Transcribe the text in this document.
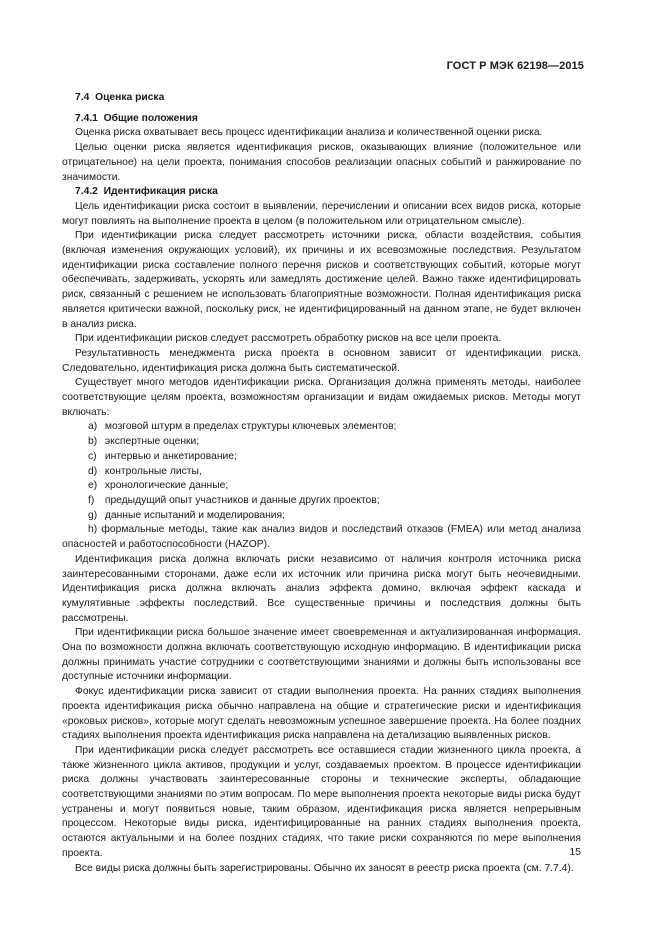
ГОСТ Р МЭК 62198—2015

7.4 Оценка риска

7.4.1 Общие положения

Оценка риска охватывает весь процесс идентификации анализа и количественной оценки риска.

Целью оценки риска является идентификация рисков, оказывающих влияние (положительное или отрицательное) на цели проекта, понимания способов реализации опасных событий и ранжирование по значимости.

7.4.2 Идентификация риска

Цель идентификации риска состоит в выявлении, перечислении и описании всех видов риска, которые могут повлиять на выполнение проекта в целом (в положительном или отрицательном смысле).

При идентификации риска следует рассмотреть источники риска, области воздействия, события (включая изменения окружающих условий), их причины и их всевозможные последствия. Результатом идентификации риска составление полного перечня рисков и соответствующих событий, которые могут обеспечивать, задерживать, ускорять или замедлять достижение целей. Важно также идентифицировать риск, связанный с решением не использовать благоприятные возможности. Полная идентификация риска является критически важной, поскольку риск, не идентифицированный на данном этапе, не будет включен в анализ риска.

При идентификации рисков следует рассмотреть обработку рисков на все цели проекта.

Результативность менеджмента риска проекта в основном зависит от идентификации риска. Следовательно, идентификация риска должна быть систематической.

Существует много методов идентификации риска. Организация должна применять методы, наиболее соответствующие целям проекта, возможностям организации и видам ожидаемых рисков. Методы могут включать:

a) мозговой штурм в пределах структуры ключевых элементов;

b) экспертные оценки;

c) интервью и анкетирование;

d) контрольные листы,

e) хронологические данные;

f) предыдущий опыт участников и данные других проектов;

g) данные испытаний и моделирования;

h) формальные методы, такие как анализ видов и последствий отказов (FMEA) или метод анализа опасностей и работоспособности (HAZOP).

Идентификация риска должна включать риски независимо от наличия контроля источника риска заинтересованными сторонами, даже если их источник или причина риска могут быть неочевидными. Идентификация риска должна включать анализ эффекта домино, включая эффект каскада и кумулятивные эффекты последствий. Все существенные причины и последствия должны быть рассмотрены.

При идентификации риска большое значение имеет своевременная и актуализированная информация. Она по возможности должна включать соответствующую исходную информацию. В идентификации риска должны принимать участие сотрудники с соответствующими знаниями и должны быть использованы все доступные источники информации.

Фокус идентификации риска зависит от стадии выполнения проекта. На ранних стадиях выполнения проекта идентификация риска обычно направлена на общие и стратегические риски и идентификация «роковых рисков», которые могут сделать невозможным успешное завершение проекта. На более поздних стадиях выполнения проекта идентификация риска направлена на детализацию выявленных рисков.

При идентификации риска следует рассмотреть все оставшиеся стадии жизненного цикла проекта, а также жизненного цикла активов, продукции и услуг, создаваемых проектом. В процессе идентификации риска должны участвовать заинтересованные стороны и технические эксперты, обладающие соответствующими знаниями по этим вопросам. По мере выполнения проекта некоторые виды риска будут устранены и могут появиться новые, таким образом, идентификация риска является непрерывным процессом. Некоторые виды риска, идентифицированные на ранних стадиях выполнения проекта, остаются актуальными и на более поздних стадиях, что такие риски сохраняются по мере выполнения проекта.

Все виды риска должны быть зарегистрированы. Обычно их заносят в реестр риска проекта (см. 7.7.4).

15
